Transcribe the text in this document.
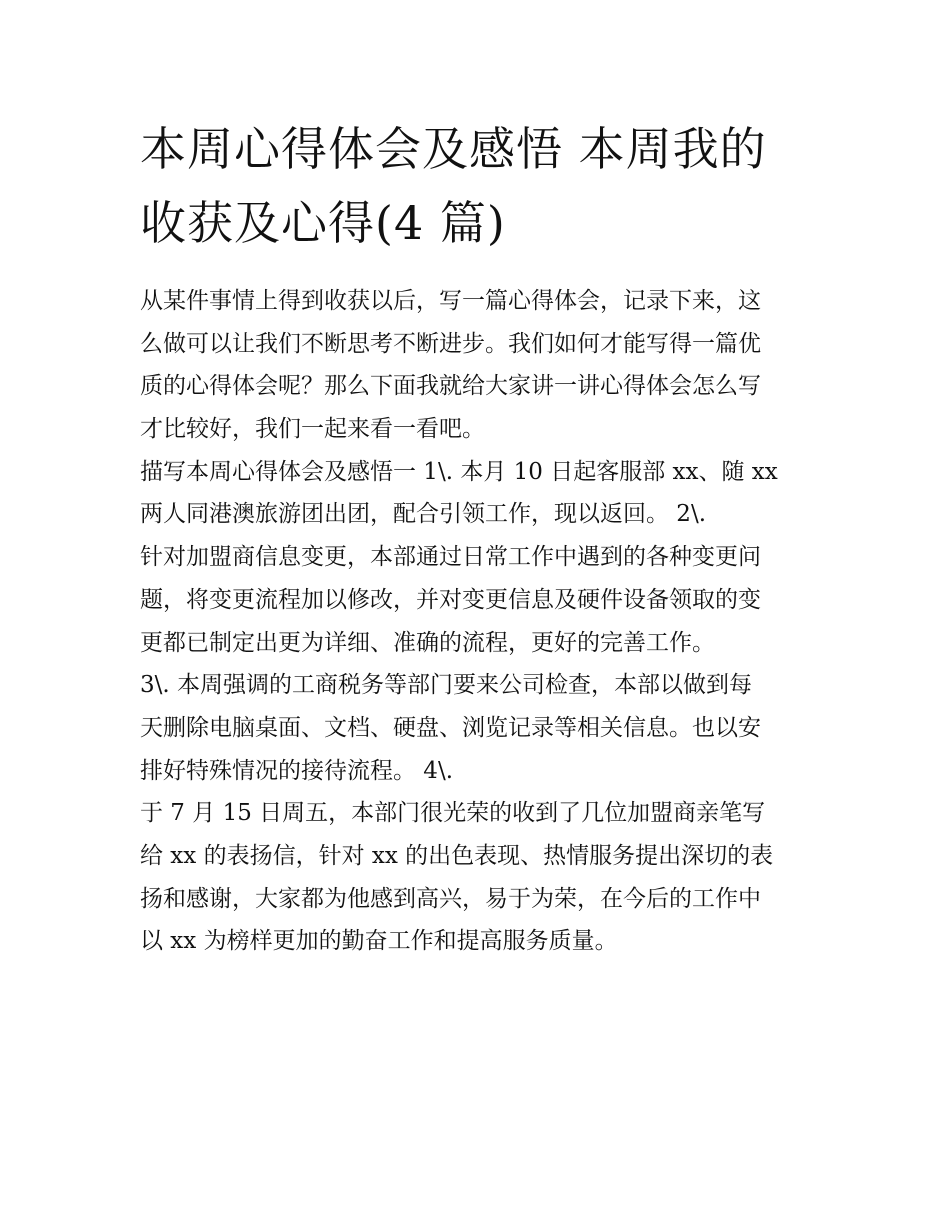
本周心得体会及感悟 本周我的
收获及心得(4 篇)
从某件事情上得到收获以后，写一篇心得体会，记录下来，这
么做可以让我们不断思考不断进步。我们如何才能写得一篇优
质的心得体会呢？那么下面我就给大家讲一讲心得体会怎么写
才比较好，我们一起来看一看吧。
描写本周心得体会及感悟一 1\. 本月 10 日起客服部 xx、随 xx
两人同港澳旅游团出团，配合引领工作，现以返回。 2\.
针对加盟商信息变更，本部通过日常工作中遇到的各种变更问
题，将变更流程加以修改，并对变更信息及硬件设备领取的变
更都已制定出更为详细、准确的流程，更好的完善工作。
3\. 本周强调的工商税务等部门要来公司检查，本部以做到每
天删除电脑桌面、文档、硬盘、浏览记录等相关信息。也以安
排好特殊情况的接待流程。 4\.
于 7 月 15 日周五，本部门很光荣的收到了几位加盟商亲笔写
给 xx 的表扬信，针对 xx 的出色表现、热情服务提出深切的表
扬和感谢，大家都为他感到高兴，易于为荣，在今后的工作中
以 xx 为榜样更加的勤奋工作和提高服务质量。
